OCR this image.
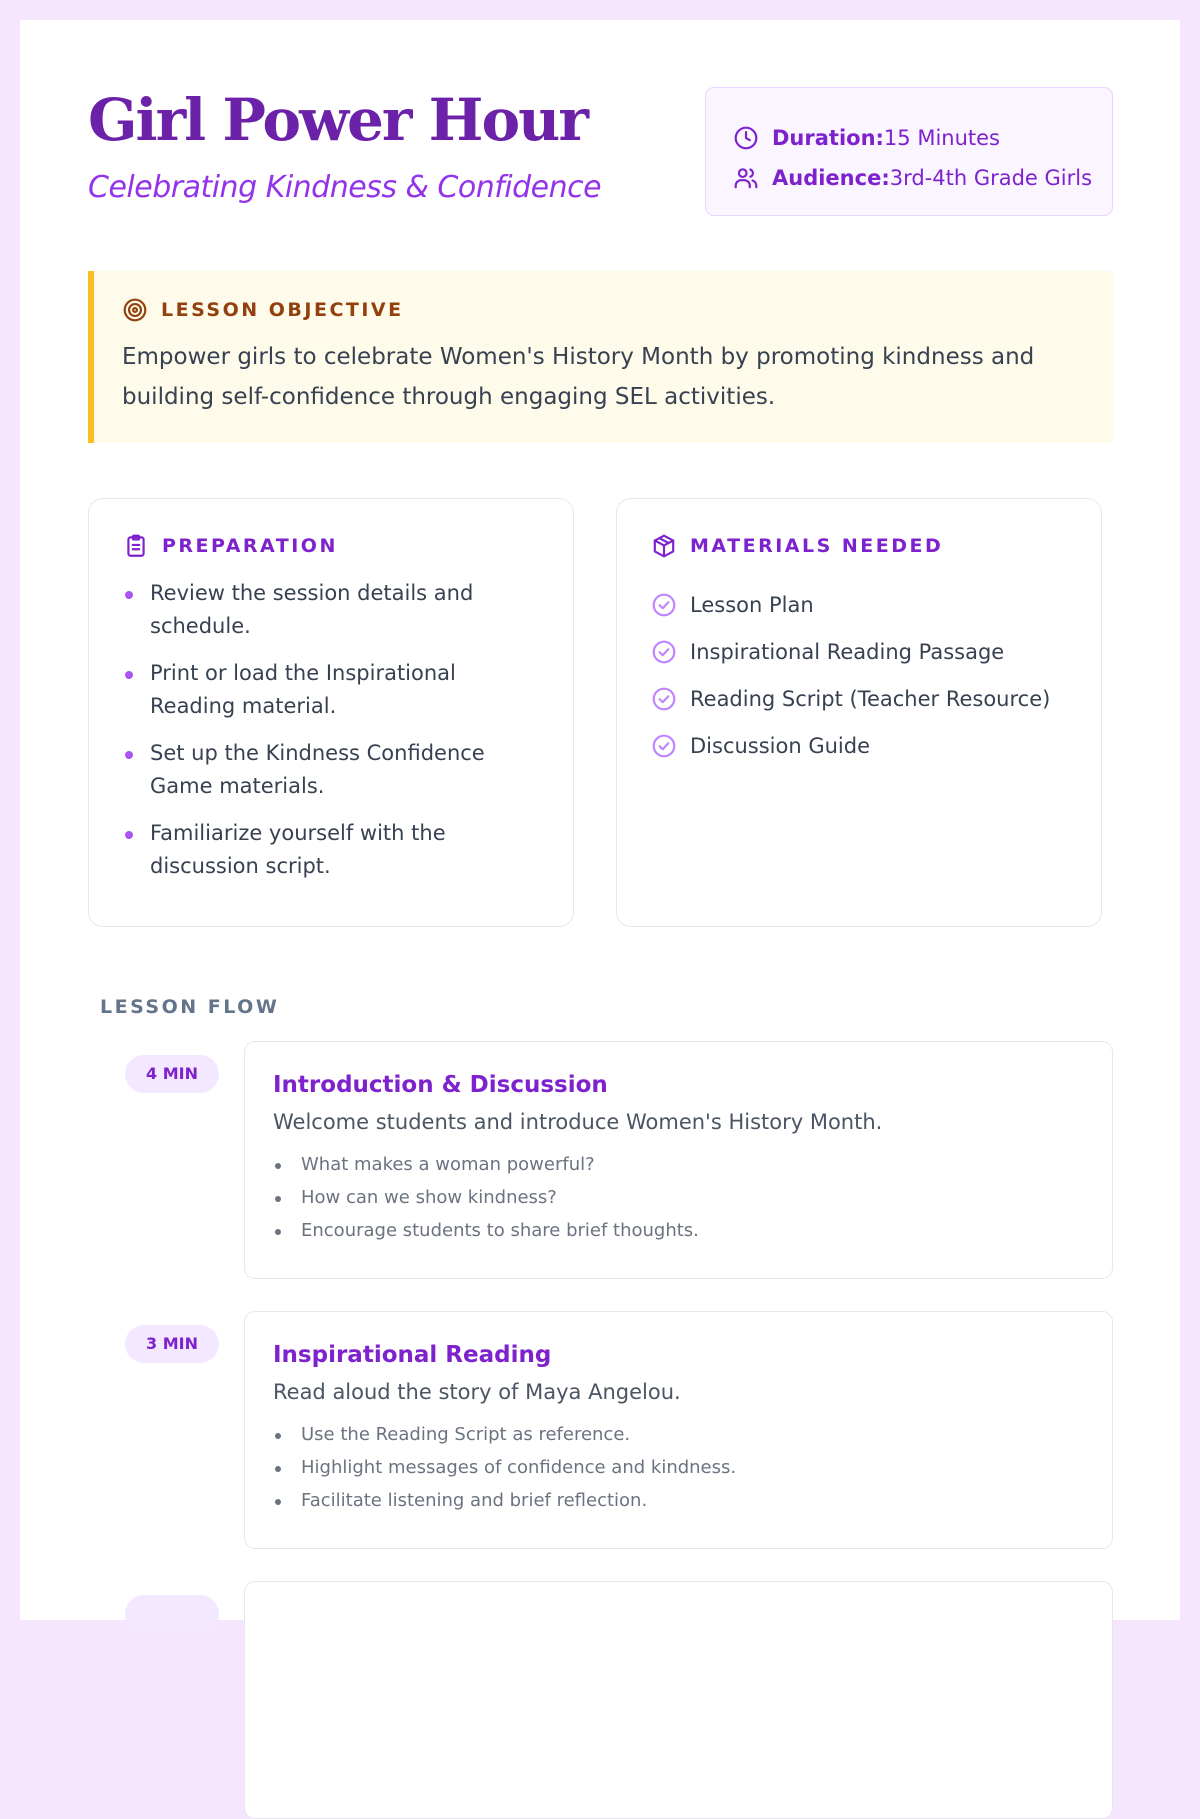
Girl Power Hour
Celebrating Kindness & Confidence
Duration: 15 Minutes
Audience: 3rd-4th Grade Girls
LESSON OBJECTIVE

Empower girls to celebrate Women's History Month by promoting kindness and building self-confidence through engaging SEL activities.

PREPARATION
Review the session details and schedule.
Print or load the Inspirational Reading material.
Set up the Kindness Confidence Game materials.
Familiarize yourself with the discussion script.
MATERIALS NEEDED
Lesson Plan
Inspirational Reading Passage
Reading Script (Teacher Resource)
Discussion Guide
LESSON FLOW
4 MIN	Introduction & Discussion
Welcome students and introduce Women's History Month.
What makes a woman powerful?
How can we show kindness?
Encourage students to share brief thoughts.
3 MIN	Inspirational Reading
Read aloud the story of Maya Angelou.
Use the Reading Script as reference.
Highlight messages of confidence and kindness.
Facilitate listening and brief reflection.
